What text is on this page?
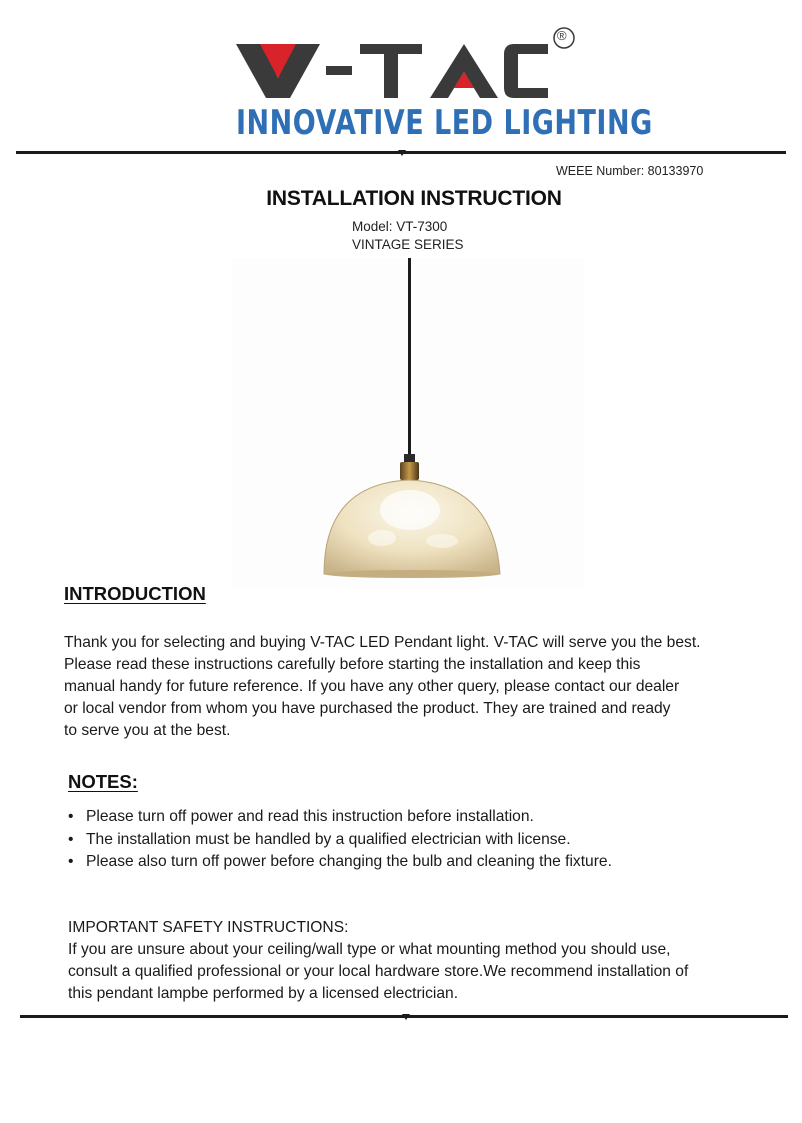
®
INNOVATIVE LED LIGHTING
WEEE Number: 80133970
INSTALLATION INSTRUCTION
Model: VT-7300
VINTAGE SERIES
INTRODUCTION
Thank you for selecting and buying V-TAC LED Pendant light. V-TAC will serve you the best.
Please read these instructions carefully before starting the installation and keep this
manual handy for future reference. If you have any other query, please contact our dealer
or local vendor from whom you have purchased the product. They are trained and ready
to serve you at the best.
NOTES:
• Please turn off power and read this instruction before installation.
• The installation must be handled by a qualified electrician with license.
• Please also turn off power before changing the bulb and cleaning the fixture.
IMPORTANT SAFETY INSTRUCTIONS:
If you are unsure about your ceiling/wall type or what mounting method you should use,
consult a qualified professional or your local hardware store.We recommend installation of
this pendant lampbe performed by a licensed electrician.
